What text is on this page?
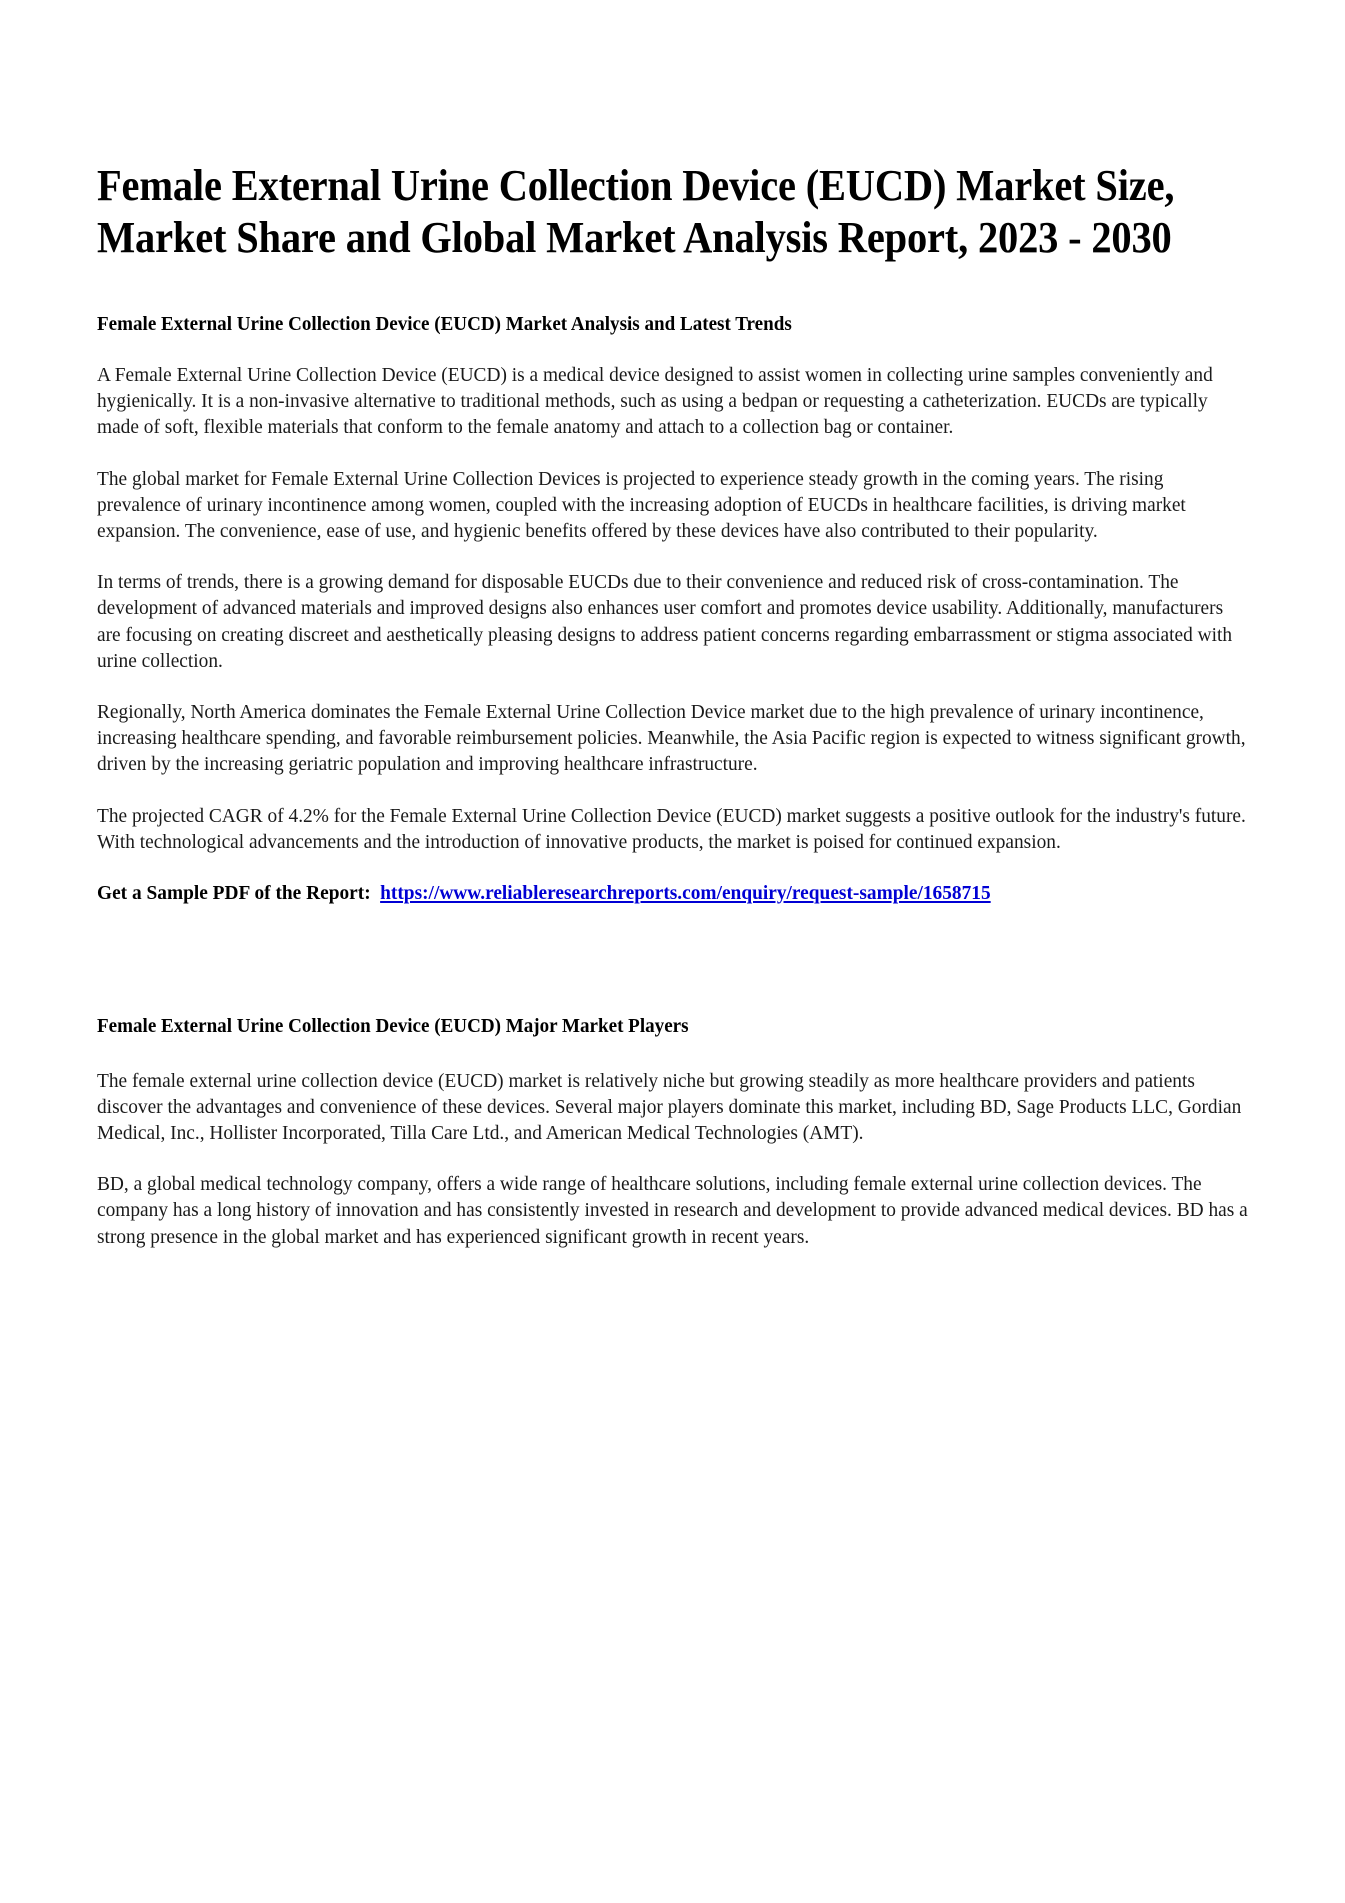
Female External Urine Collection Device (EUCD) Market Size, Market Share and Global Market Analysis Report, 2023 - 2030
Female External Urine Collection Device (EUCD) Market Analysis and Latest Trends

A Female External Urine Collection Device (EUCD) is a medical device designed to assist women in collecting urine samples conveniently and hygienically. It is a non-invasive alternative to traditional methods, such as using a bedpan or requesting a catheterization. EUCDs are typically made of soft, flexible materials that conform to the female anatomy and attach to a collection bag or container.

The global market for Female External Urine Collection Devices is projected to experience steady growth in the coming years. The rising prevalence of urinary incontinence among women, coupled with the increasing adoption of EUCDs in healthcare facilities, is driving market expansion. The convenience, ease of use, and hygienic benefits offered by these devices have also contributed to their popularity.

In terms of trends, there is a growing demand for disposable EUCDs due to their convenience and reduced risk of cross-contamination. The development of advanced materials and improved designs also enhances user comfort and promotes device usability. Additionally, manufacturers are focusing on creating discreet and aesthetically pleasing designs to address patient concerns regarding embarrassment or stigma associated with urine collection.

Regionally, North America dominates the Female External Urine Collection Device market due to the high prevalence of urinary incontinence, increasing healthcare spending, and favorable reimbursement policies. Meanwhile, the Asia Pacific region is expected to witness significant growth, driven by the increasing geriatric population and improving healthcare infrastructure.

The projected CAGR of 4.2% for the Female External Urine Collection Device (EUCD) market suggests a positive outlook for the industry's future. With technological advancements and the introduction of innovative products, the market is poised for continued expansion.

Get a Sample PDF of the Report: https://www.reliableresearchreports.com/enquiry/request-sample/1658715

Female External Urine Collection Device (EUCD) Major Market Players

The female external urine collection device (EUCD) market is relatively niche but growing steadily as more healthcare providers and patients discover the advantages and convenience of these devices. Several major players dominate this market, including BD, Sage Products LLC, Gordian Medical, Inc., Hollister Incorporated, Tilla Care Ltd., and American Medical Technologies (AMT).

BD, a global medical technology company, offers a wide range of healthcare solutions, including female external urine collection devices. The company has a long history of innovation and has consistently invested in research and development to provide advanced medical devices. BD has a strong presence in the global market and has experienced significant growth in recent years.
